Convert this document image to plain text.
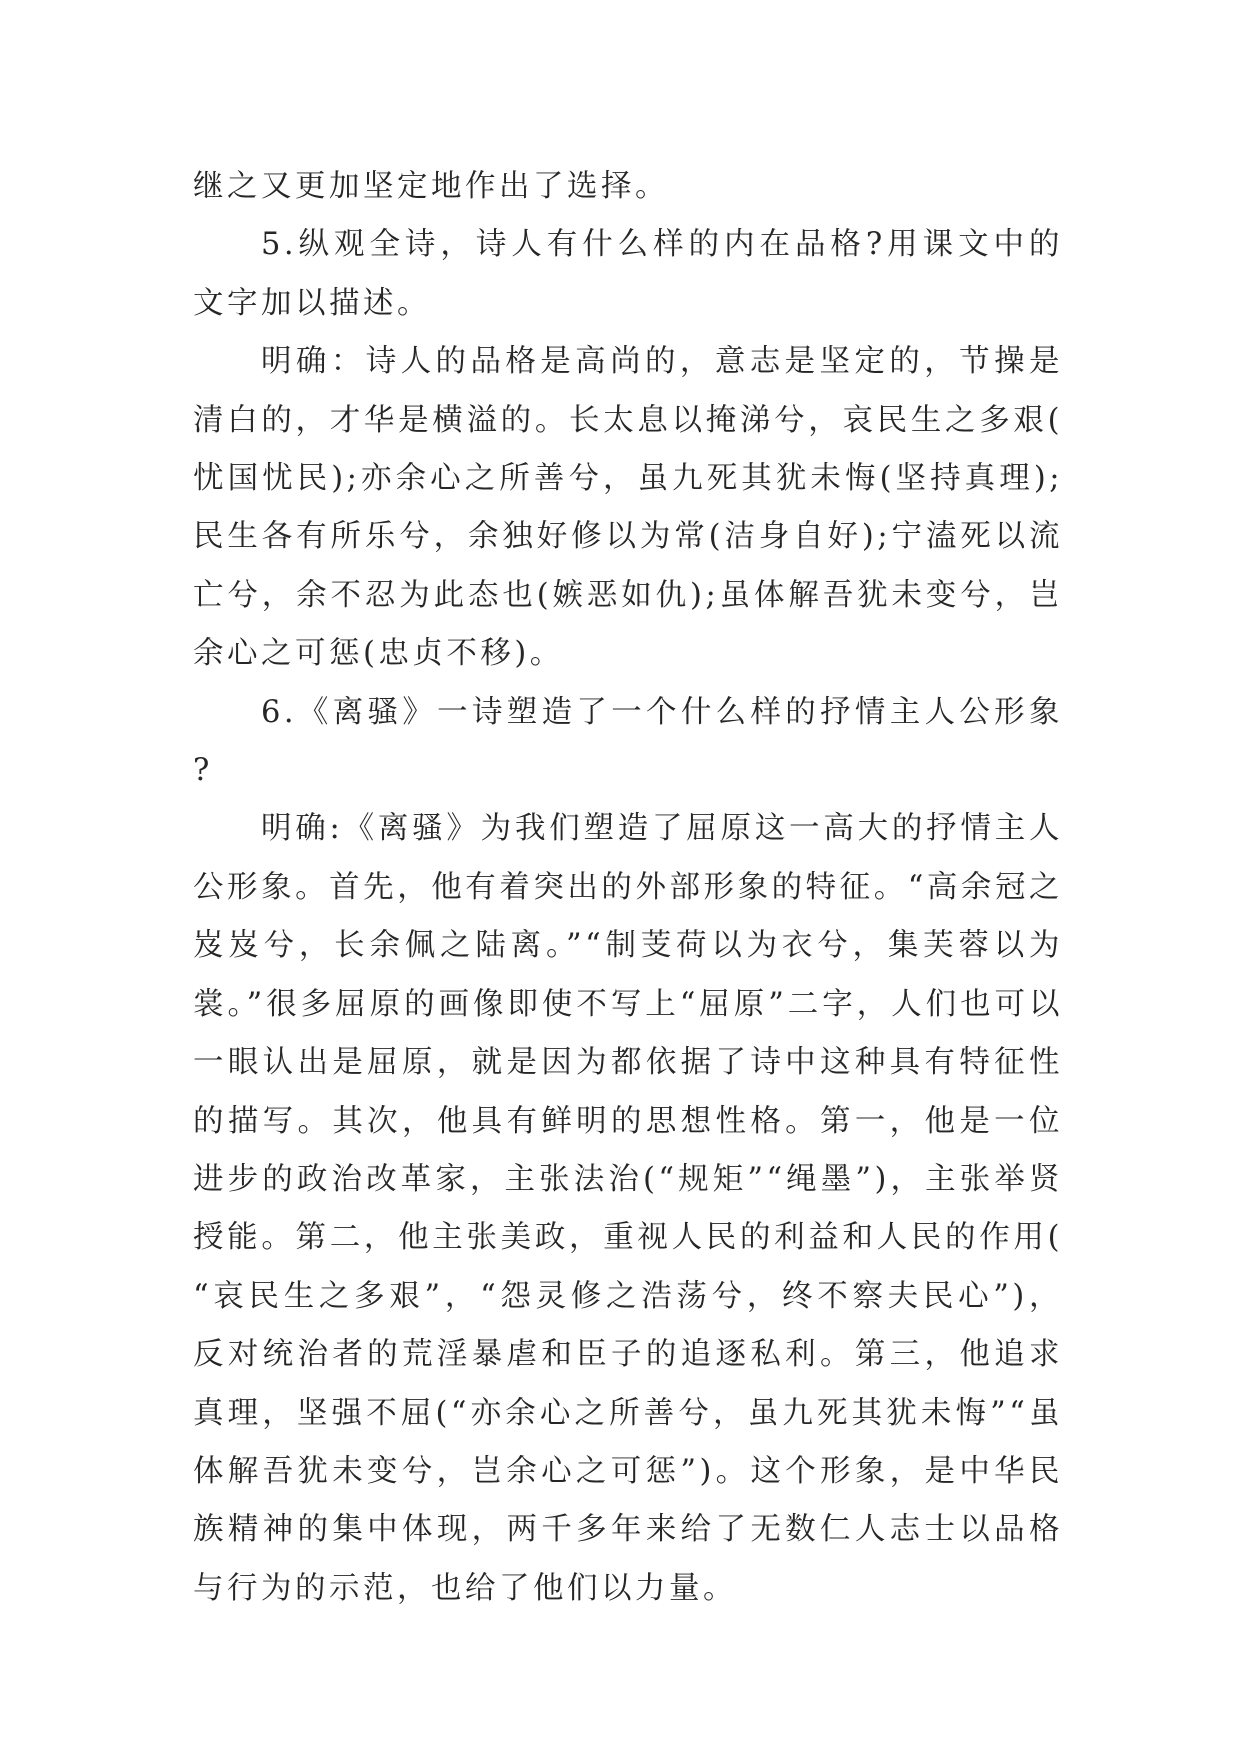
继之又更加坚定地作出了选择。

5.纵观全诗，诗人有什么样的内在品格?用课文中的文字加以描述。

明确：诗人的品格是高尚的，意志是坚定的，节操是清白的，才华是横溢的。长太息以掩涕兮，哀民生之多艰(忧国忧民);亦余心之所善兮，虽九死其犹未悔(坚持真理);民生各有所乐兮，余独好修以为常(洁身自好);宁溘死以流亡兮，余不忍为此态也(嫉恶如仇);虽体解吾犹未变兮，岂余心之可惩(忠贞不移)。

6.《离骚》一诗塑造了一个什么样的抒情主人公形象?

明确:《离骚》为我们塑造了屈原这一高大的抒情主人公形象。首先，他有着突出的外部形象的特征。“高余冠之岌岌兮，长余佩之陆离。”“制芰荷以为衣兮，集芙蓉以为裳。”很多屈原的画像即使不写上“屈原”二字，人们也可以一眼认出是屈原，就是因为都依据了诗中这种具有特征性的描写。其次，他具有鲜明的思想性格。第一，他是一位进步的政治改革家，主张法治(“规矩”“绳墨”)，主张举贤授能。第二，他主张美政，重视人民的利益和人民的作用(“哀民生之多艰”，“怨灵修之浩荡兮，终不察夫民心”)，反对统治者的荒淫暴虐和臣子的追逐私利。第三，他追求真理，坚强不屈(“亦余心之所善兮，虽九死其犹未悔”“虽体解吾犹未变兮，岂余心之可惩”)。这个形象，是中华民族精神的集中体现，两千多年来给了无数仁人志士以品格与行为的示范，也给了他们以力量。
